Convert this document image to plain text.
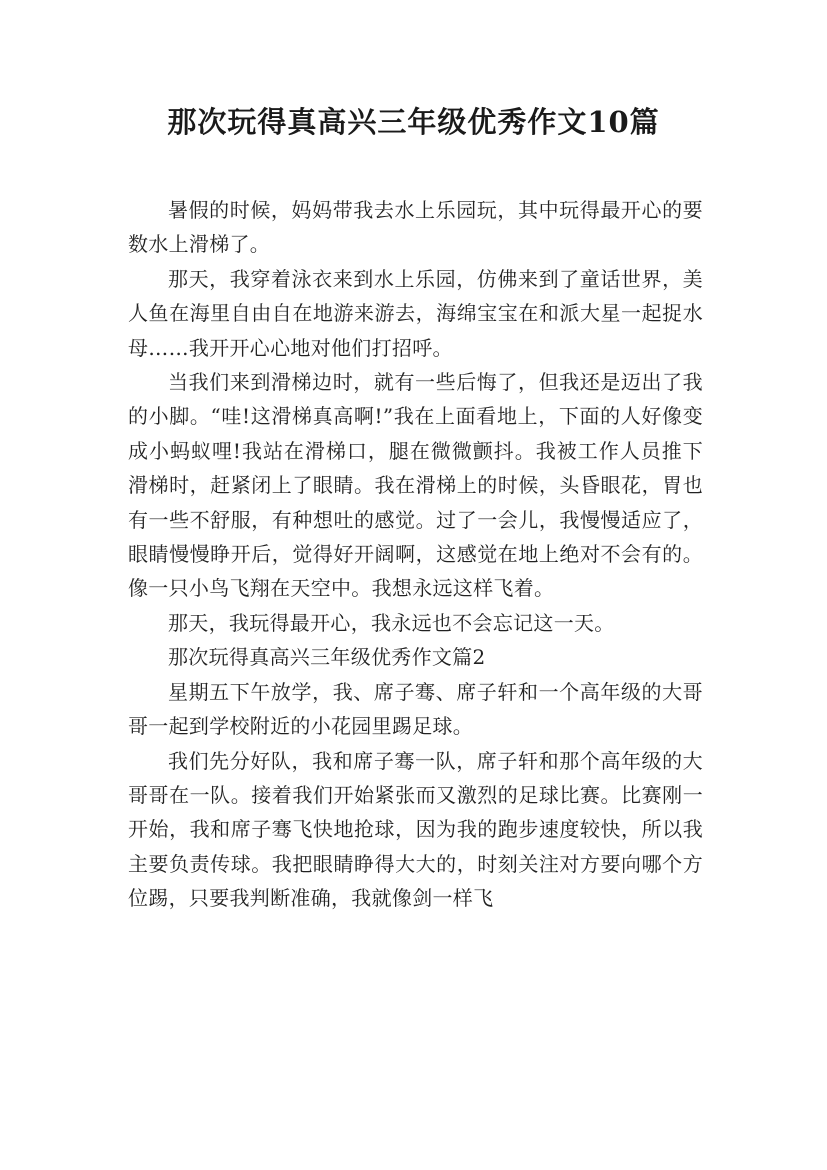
那次玩得真高兴三年级优秀作文10篇

暑假的时候，妈妈带我去水上乐园玩，其中玩得最开心的要数水上滑梯了。

那天，我穿着泳衣来到水上乐园，仿佛来到了童话世界，美人鱼在海里自由自在地游来游去，海绵宝宝在和派大星一起捉水母……我开开心心地对他们打招呼。

当我们来到滑梯边时，就有一些后悔了，但我还是迈出了我的小脚。“哇!这滑梯真高啊!”我在上面看地上，下面的人好像变成小蚂蚁哩!我站在滑梯口，腿在微微颤抖。我被工作人员推下滑梯时，赶紧闭上了眼睛。我在滑梯上的时候，头昏眼花，胃也有一些不舒服，有种想吐的感觉。过了一会儿，我慢慢适应了，眼睛慢慢睁开后，觉得好开阔啊，这感觉在地上绝对不会有的。像一只小鸟飞翔在天空中。我想永远这样飞着。

那天，我玩得最开心，我永远也不会忘记这一天。

那次玩得真高兴三年级优秀作文篇2

星期五下午放学，我、席子骞、席子轩和一个高年级的大哥哥一起到学校附近的小花园里踢足球。

我们先分好队，我和席子骞一队，席子轩和那个高年级的大哥哥在一队。接着我们开始紧张而又激烈的足球比赛。比赛刚一开始，我和席子骞飞快地抢球，因为我的跑步速度较快，所以我主要负责传球。我把眼睛睁得大大的，时刻关注对方要向哪个方位踢，只要我判断准确，我就像剑一样飞
